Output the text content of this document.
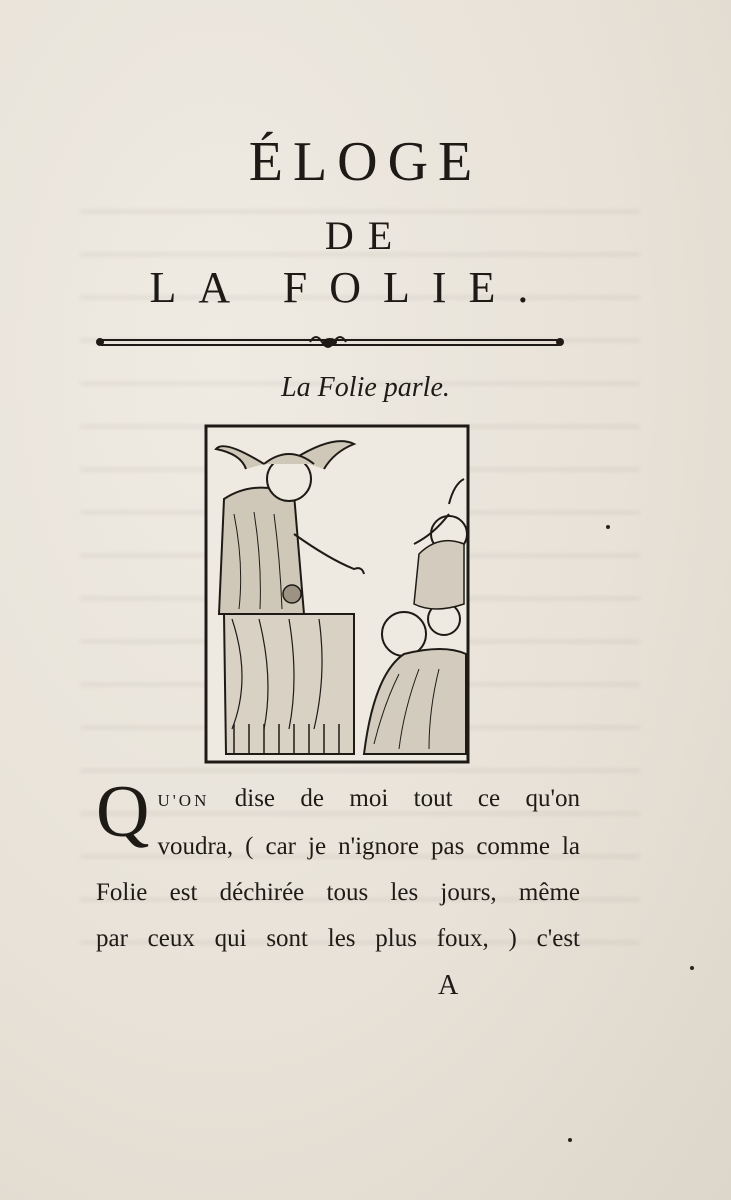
ÉLOGE
DE
LA FOLIE.
La Folie parle.
Q U'ON dise de moi tout ce qu'on
voudra, ( car je n'ignore pas comme la
Folie est déchirée tous les jours, même
par ceux qui sont les plus foux, ) c'est
A
